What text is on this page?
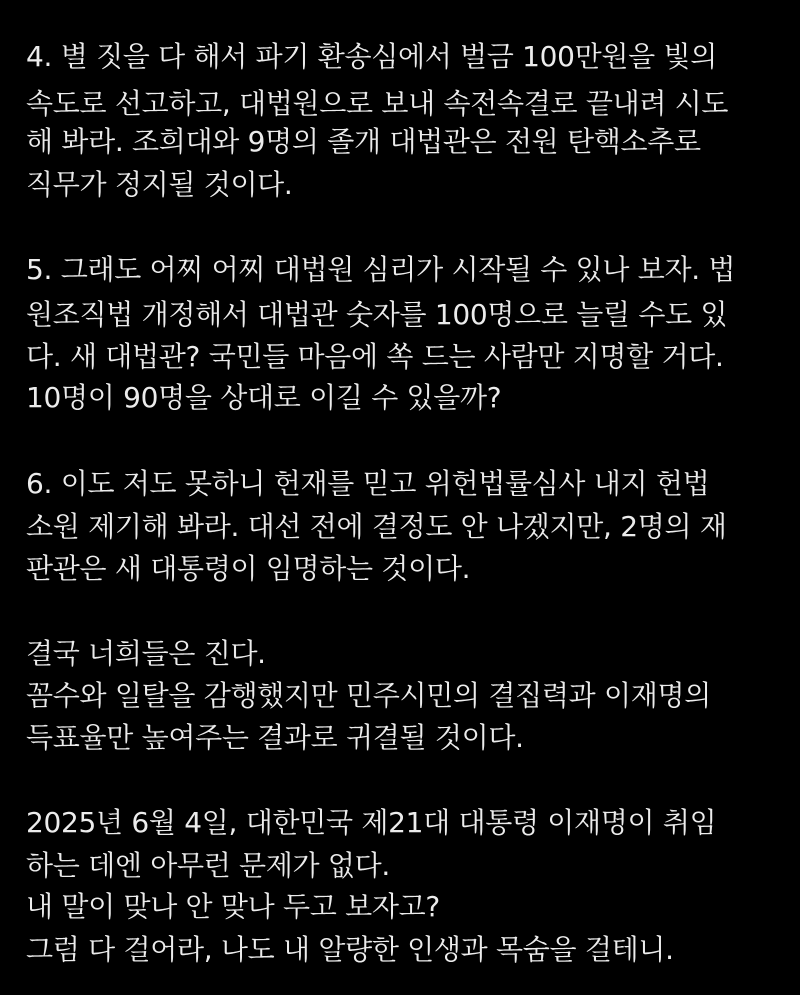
4. 별 짓을 다 해서 파기 환송심에서 벌금 100만원을 빛의
속도로 선고하고, 대법원으로 보내 속전속결로 끝내려 시도
해 봐라. 조희대와 9명의 졸개 대법관은 전원 탄핵소추로
직무가 정지될 것이다.
5. 그래도 어찌 어찌 대법원 심리가 시작될 수 있나 보자. 법
원조직법 개정해서 대법관 숫자를 100명으로 늘릴 수도 있
다. 새 대법관? 국민들 마음에 쏙 드는 사람만 지명할 거다.
10명이 90명을 상대로 이길 수 있을까?
6. 이도 저도 못하니 헌재를 믿고 위헌법률심사 내지 헌법
소원 제기해 봐라. 대선 전에 결정도 안 나겠지만, 2명의 재
판관은 새 대통령이 임명하는 것이다.
결국 너희들은 진다.
꼼수와 일탈을 감행했지만 민주시민의 결집력과 이재명의
득표율만 높여주는 결과로 귀결될 것이다.
2025년 6월 4일, 대한민국 제21대 대통령 이재명이 취임
하는 데엔 아무런 문제가 없다.
내 말이 맞나 안 맞나 두고 보자고?
그럼 다 걸어라, 나도 내 알량한 인생과 목숨을 걸테니.
